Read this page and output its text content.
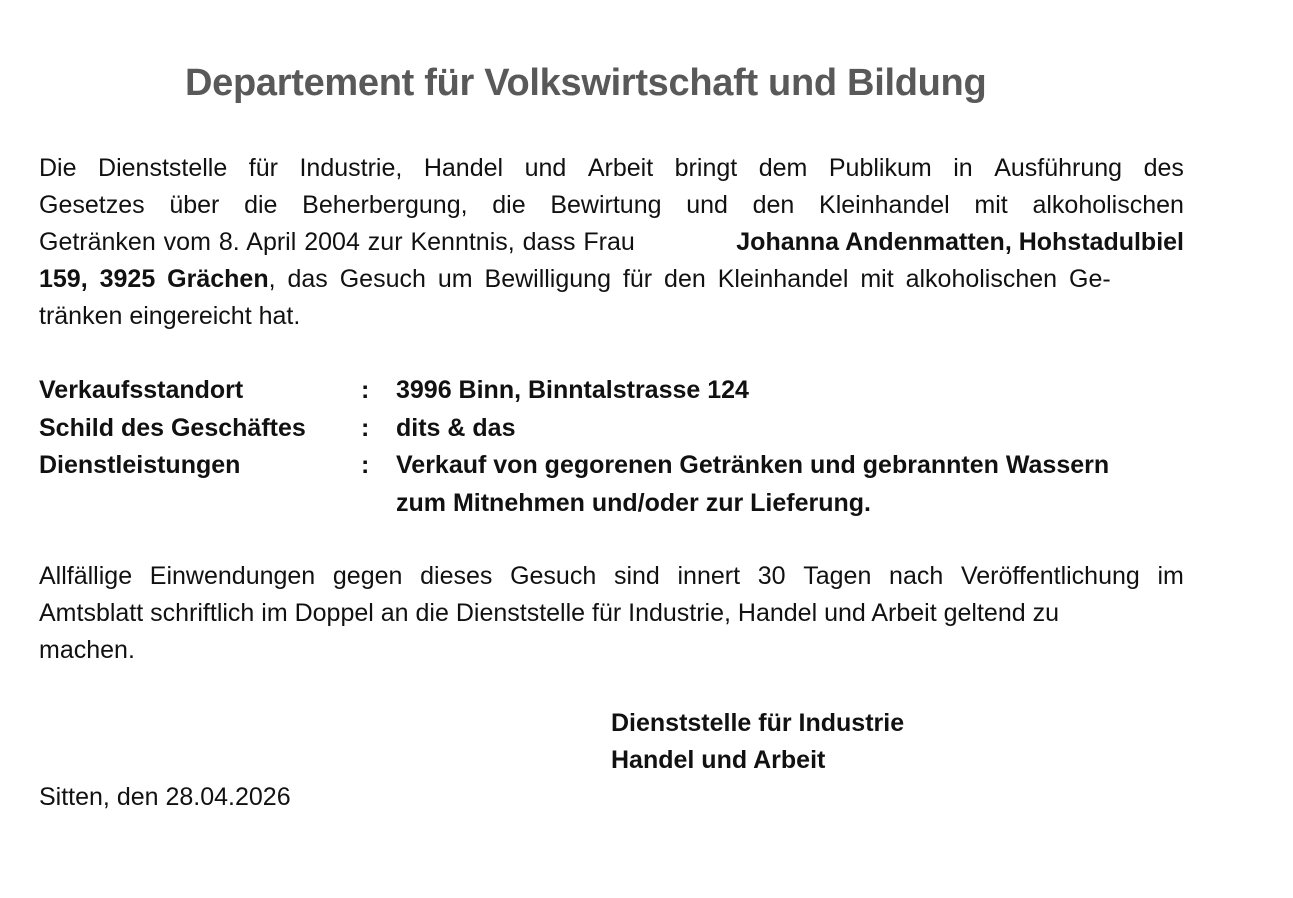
Departement für Volkswirtschaft und Bildung
Die Dienststelle für Industrie, Handel und Arbeit bringt dem Publikum in Ausführung des
Gesetzes über die Beherbergung, die Bewirtung und den Kleinhandel mit alkoholischen
Getränken vom 8. April 2004 zur Kenntnis, dass Frau	Johanna Andenmatten, Hohstadulbiel
159, 3925 Grächen, das Gesuch um Bewilligung für den Kleinhandel mit alkoholischen Ge-
tränken eingereicht hat.
Verkaufsstandort	: 3996 Binn, Binntalstrasse 124
Schild des Geschäftes : dits & das
Dienstleistungen	: Verkauf von gegorenen Getränken und gebrannten Wassern
zum Mitnehmen und/oder zur Lieferung.
Allfällige Einwendungen gegen dieses Gesuch sind innert 30 Tagen nach Veröffentlichung im
Amtsblatt schriftlich im Doppel an die Dienststelle für Industrie, Handel und Arbeit geltend zu
machen.
Dienststelle für Industrie
Handel und Arbeit
Sitten, den 28.04.2026
